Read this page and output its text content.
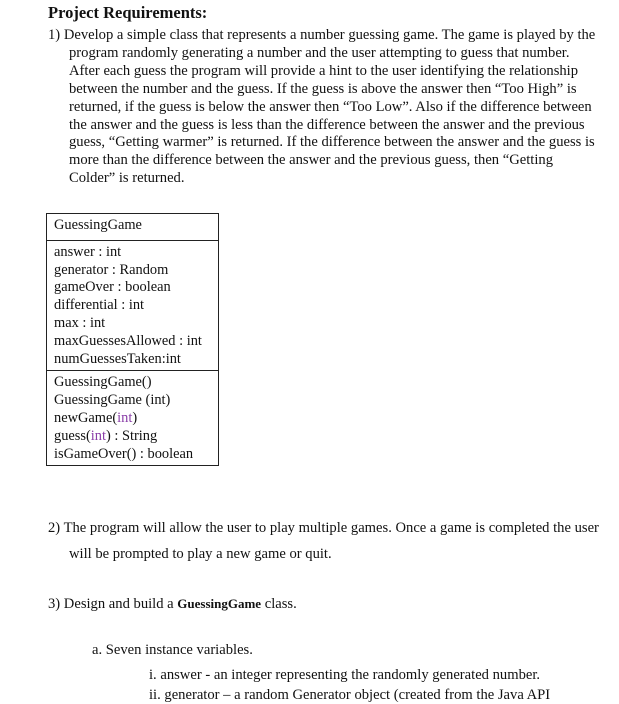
Project Requirements:
1) Develop a simple class that represents a number guessing game. The game is played by the program randomly generating a number and the user attempting to guess that number. After each guess the program will provide a hint to the user identifying the relationship between the number and the guess. If the guess is above the answer then “Too High” is returned, if the guess is below the answer then “Too Low”. Also if the difference between the answer and the guess is less than the difference between the answer and the previous guess, “Getting warmer” is returned. If the difference between the answer and the guess is more than the difference between the answer and the previous guess, then “Getting Colder” is returned.
GuessingGame
answer : int
generator : Random
gameOver : boolean
differential : int
max : int
maxGuessesAllowed : int
numGuessesTaken:int
GuessingGame()
GuessingGame (int)
newGame(int)
guess(int) : String
isGameOver() : boolean
2) The program will allow the user to play multiple games. Once a game is completed the user will be prompted to play a new game or quit.
3) Design and build a GuessingGame class.
a. Seven instance variables.
i. answer - an integer representing the randomly generated number.
ii. generator – a random Generator object (created from the Java API
